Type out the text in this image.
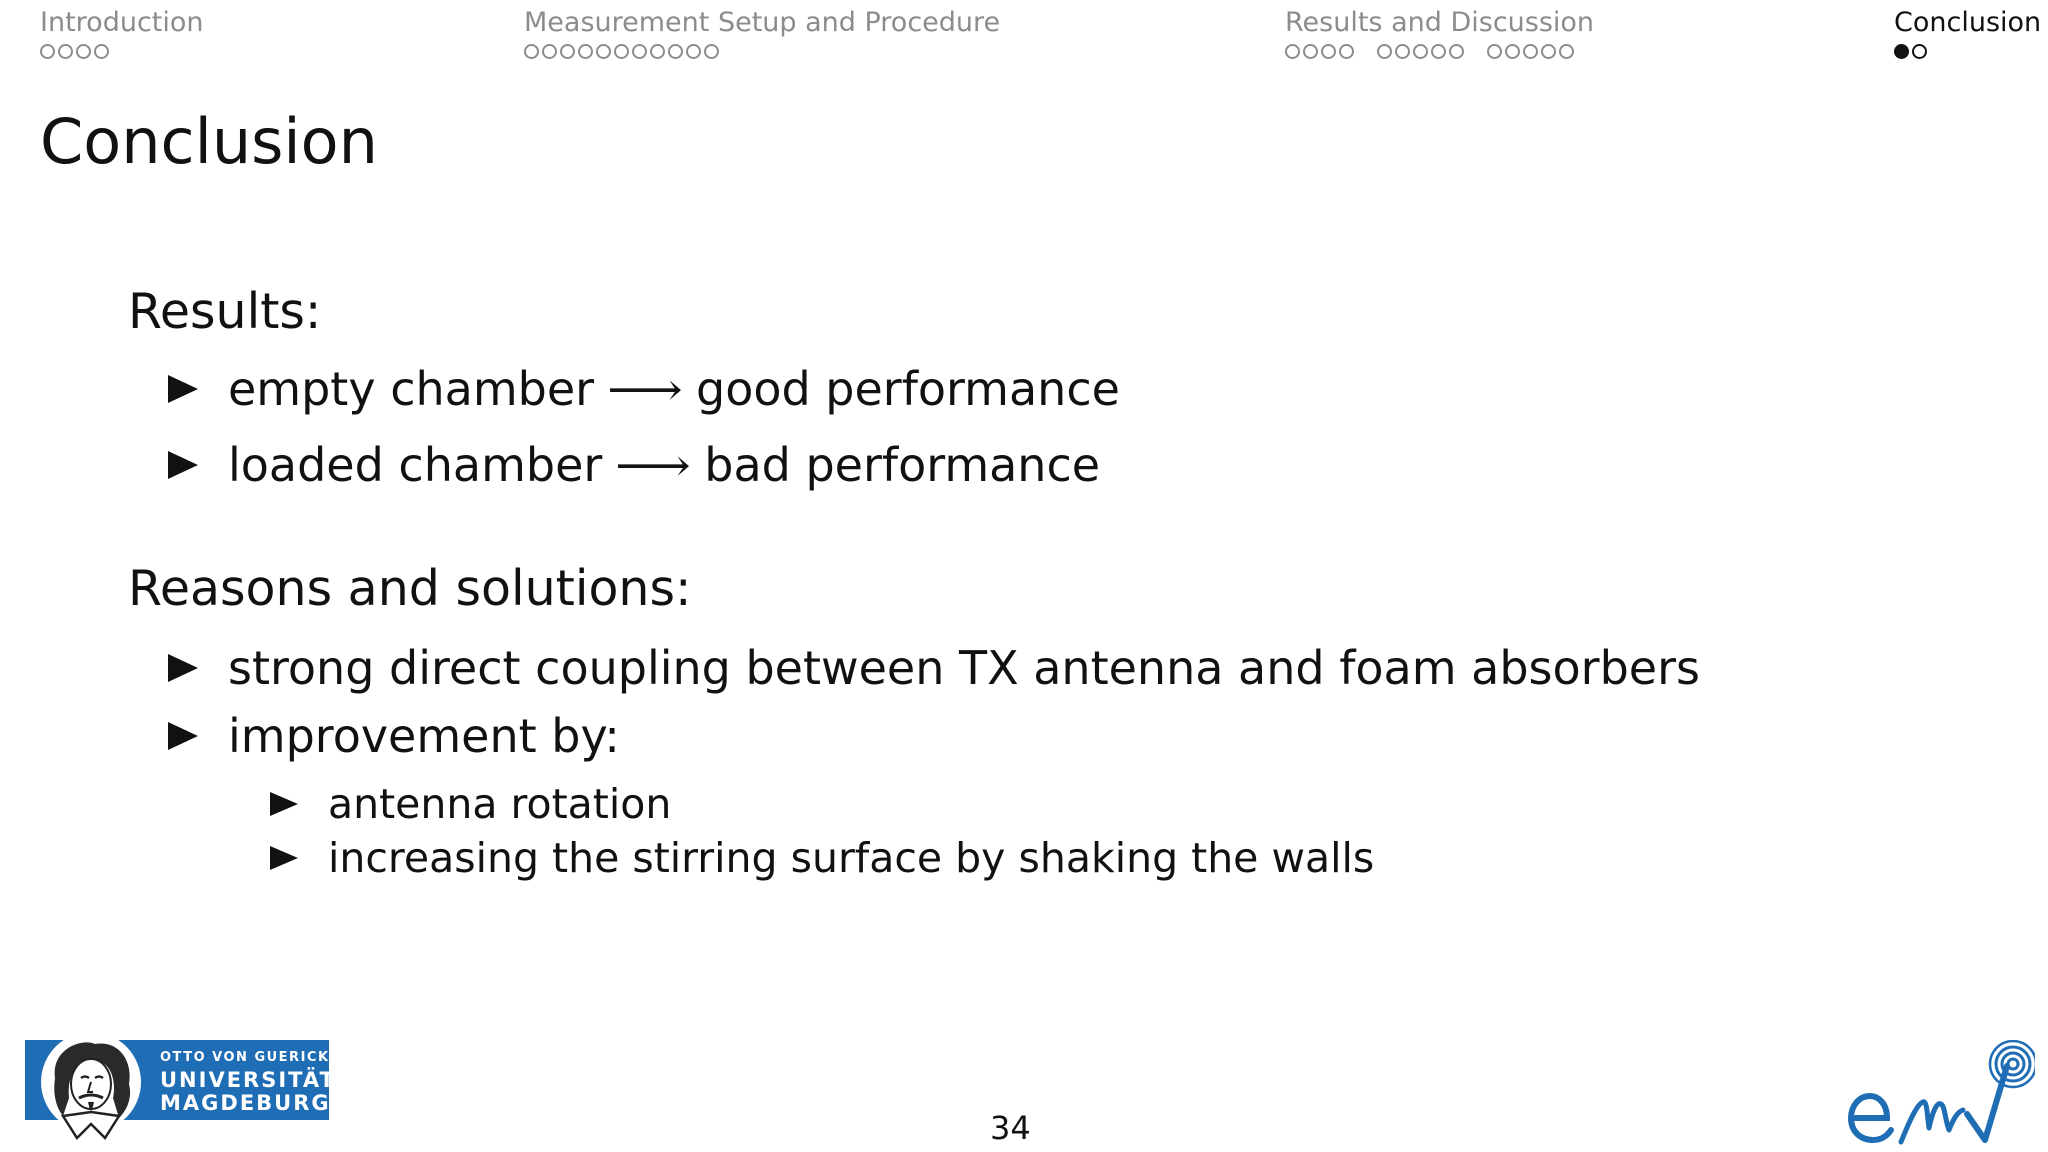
Introduction	Measurement Setup and Procedure	Results and Discussion	Conclusion
Conclusion
Results:
empty chamber ⟶ good performance
loaded chamber ⟶ bad performance
Reasons and solutions:
strong direct coupling between TX antenna and foam absorbers
improvement by:
antenna rotation
increasing the stirring surface by shaking the walls
OTTO VON GUERICKE
UNIVERSITÄT
MAGDEBURG
34
